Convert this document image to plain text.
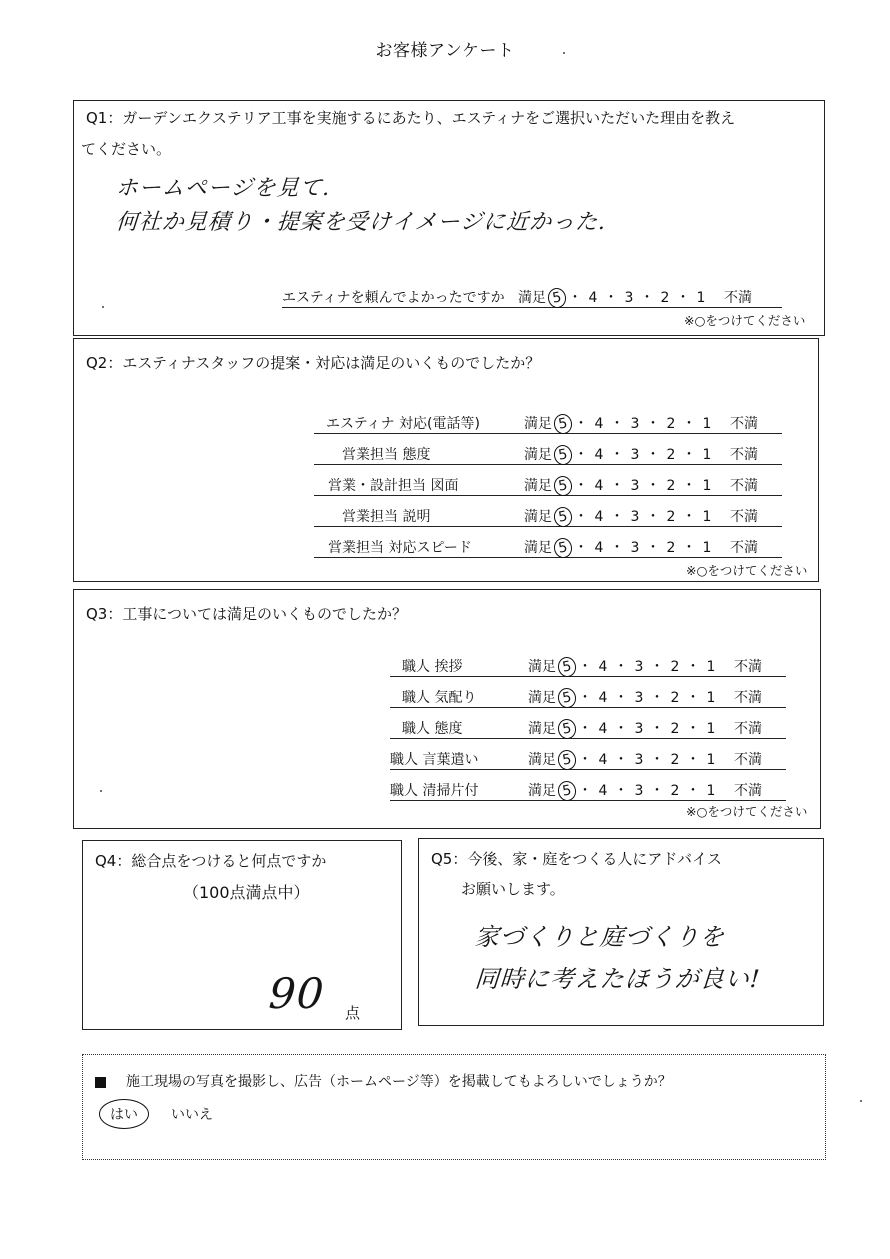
お客様アンケート
Q1：ガーデンエクステリア工事を実施するにあたり、エスティナをご選択いただいた理由を教え
てください。
ホームページを見て.
何社か見積り・提案を受けイメージに近かった.
エスティナを頼んでよかったですか 満足 5 ・ 4 ・ 3 ・ 2 ・ 1 不満
※○をつけてください
Q2：エスティナスタッフの提案・対応は満足のいくものでしたか？
エスティナ 対応(電話等)	満足 5 ・ 4 ・ 3 ・ 2 ・ 1 不満
営業担当 態度	満足 5 ・ 4 ・ 3 ・ 2 ・ 1 不満
営業・設計担当 図面	満足 5 ・ 4 ・ 3 ・ 2 ・ 1 不満
営業担当 説明	満足 5 ・ 4 ・ 3 ・ 2 ・ 1 不満
営業担当 対応スピード	満足 5 ・ 4 ・ 3 ・ 2 ・ 1 不満
※○をつけてください
Q3：工事については満足のいくものでしたか？
職人 挨拶	満足 5 ・ 4 ・ 3 ・ 2 ・ 1 不満
職人 気配り	満足 5 ・ 4 ・ 3 ・ 2 ・ 1 不満
職人 態度	満足 5 ・ 4 ・ 3 ・ 2 ・ 1 不満
職人 言葉遣い	満足 5 ・ 4 ・ 3 ・ 2 ・ 1 不満
職人 清掃片付	満足 5 ・ 4 ・ 3 ・ 2 ・ 1 不満
※○をつけてください
Q4：総合点をつけると何点ですか
（100点満点中）
90 点
Q5：今後、家・庭をつくる人にアドバイス
お願いします。
家づくりと庭づくりを
同時に考えたほうが良い!
施工現場の写真を撮影し、広告（ホームページ等）を掲載してもよろしいでしょうか？
はい	いいえ
